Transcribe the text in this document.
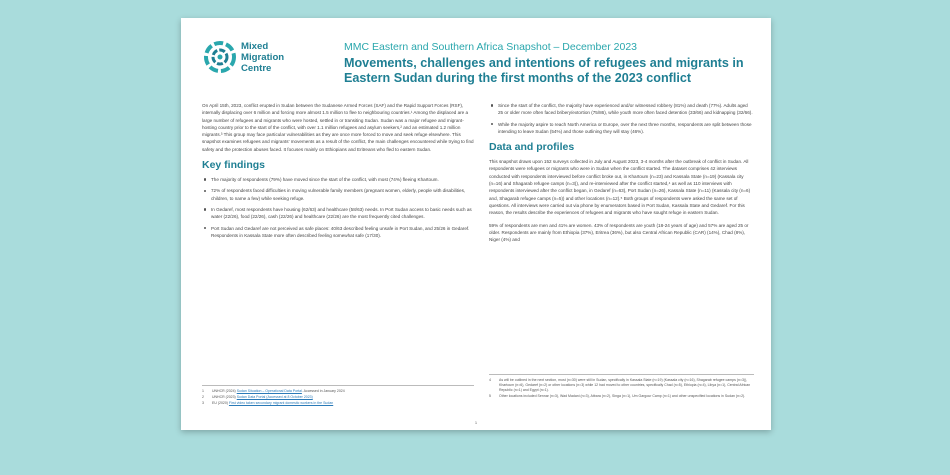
Mixed
Migration
Centre
MMC Eastern and Southern Africa Snapshot – December 2023
Movements, challenges and intentions of refugees and migrants in Eastern Sudan during the first months of the 2023 conflict

On April 15th, 2023, conflict erupted in Sudan between the Sudanese Armed Forces (SAF) and the Rapid Support Forces (RSF), internally displacing over 6 million and forcing more almost 1.5 million to flee to neighbouring countries.¹ Among the displaced are a large number of refugees and migrants who were hosted, settled in or transiting Sudan. Sudan was a major refugee and migrant-hosting country prior to the start of the conflict, with over 1.1 million refugees and asylum seekers,² and an estimated 1.2 million migrants.³ This group may face particular vulnerabilities as they are once more forced to move and seek refuge elsewhere. This snapshot examines refugees and migrants' movements as a result of the conflict, the main challenges encountered while trying to find safety and the protection abuses faced. It focuses mainly on Ethiopians and Eritreans who fled to eastern Sudan.

Key findings
The majority of respondents (79%) have moved since the start of the conflict, with most (74%) fleeing Khartoum.
72% of respondents faced difficulties in moving vulnerable family members (pregnant women, elderly, people with disabilities, children, to name a few) while seeking refuge.
In Gedaref, most respondents have housing (62/63) and healthcare (58/63) needs. In Port Sudan access to basic needs such as water (22/26), food (22/26), cash (22/26) and healthcare (22/26) are the most frequently cited challenges.
Port Sudan and Gedaref are not perceived as safe places: 40/63 described feeling unsafe in Port Sudan, and 25/26 in Gedaref. Respondents in Kassala State more often described feeling somewhat safe (17/30).
Since the start of the conflict, the majority have experienced and/or witnessed robbery (81%) and death (77%). Adults aged 25 or older more often faced bribery/extortion (75/86), while youth more often faced detention (33/66) and kidnapping (32/66).
While the majority aspire to reach North America or Europe, over the next three months, respondents are split between those intending to leave Sudan (54%) and those outlining they will stay (46%).
Data and profiles

This snapshot draws upon 152 surveys collected in July and August 2023, 3-4 months after the outbreak of conflict in Sudan. All respondents were refugees or migrants who were in Sudan when the conflict started. The dataset comprises 42 interviews conducted with respondents interviewed before conflict broke out, in Khartoum (n=23) and Kassala State (n=19) (Kassala city (n=16) and Shagarab refugee camps (n=3)), and re-interviewed after the conflict started,⁴ as well as 110 interviews with respondents interviewed after the conflict began, in Gedaref (n=63), Port Sudan (n=26), Kassala State (n=11) (Kassala city (n=6) and, Shagarab refugee camps (n=5)) and other locations (n=12).⁵ Both groups of respondents were asked the same set of questions. All interviews were carried out via phone by enumerators based in Port Sudan, Kassala State and Gedaref. For this reason, the results describe the experiences of refugees and migrants who have sought refuge in eastern Sudan.

59% of respondents are men and 41% are women. 43% of respondents are youth (18-24 years of age) and 57% are aged 25 or older. Respondents are mainly from Ethiopia (37%), Eritrea (36%), but also Central African Republic (CAR) (14%), Chad (8%), Niger (4%) and

1	UNHCR (2024) Sudan Situation – Operational Data Portal. Accessed in January 2024
2	UNHCR (2023) Sudan Data Portal (Accessed at 8 October 2023)
3	EU (2020) First video taken secondary migrant domestic workers in the Sudan
4	As will be outlined in the next section, most (n=30) were still in Sudan, specifically in Kassala State (n=19) (Kassala city (n=16), Shagarab refugee camps (n=3)), Khartoum (n=6), Gedaref (n=2) or other locations (n=3) while 12 had moved to other countries, specifically Chad (n=5), Ethiopia (n=4), Libya (n=1), Central African Republic (n=1) and Egypt (n=1).
5	Other locations included Sennar (n=3), Wad Madani (n=3), Atbara (n=2), Singa (n=1), Um Gargour Camp (n=1) and other unspecified locations in Sudan (n=2).
1
